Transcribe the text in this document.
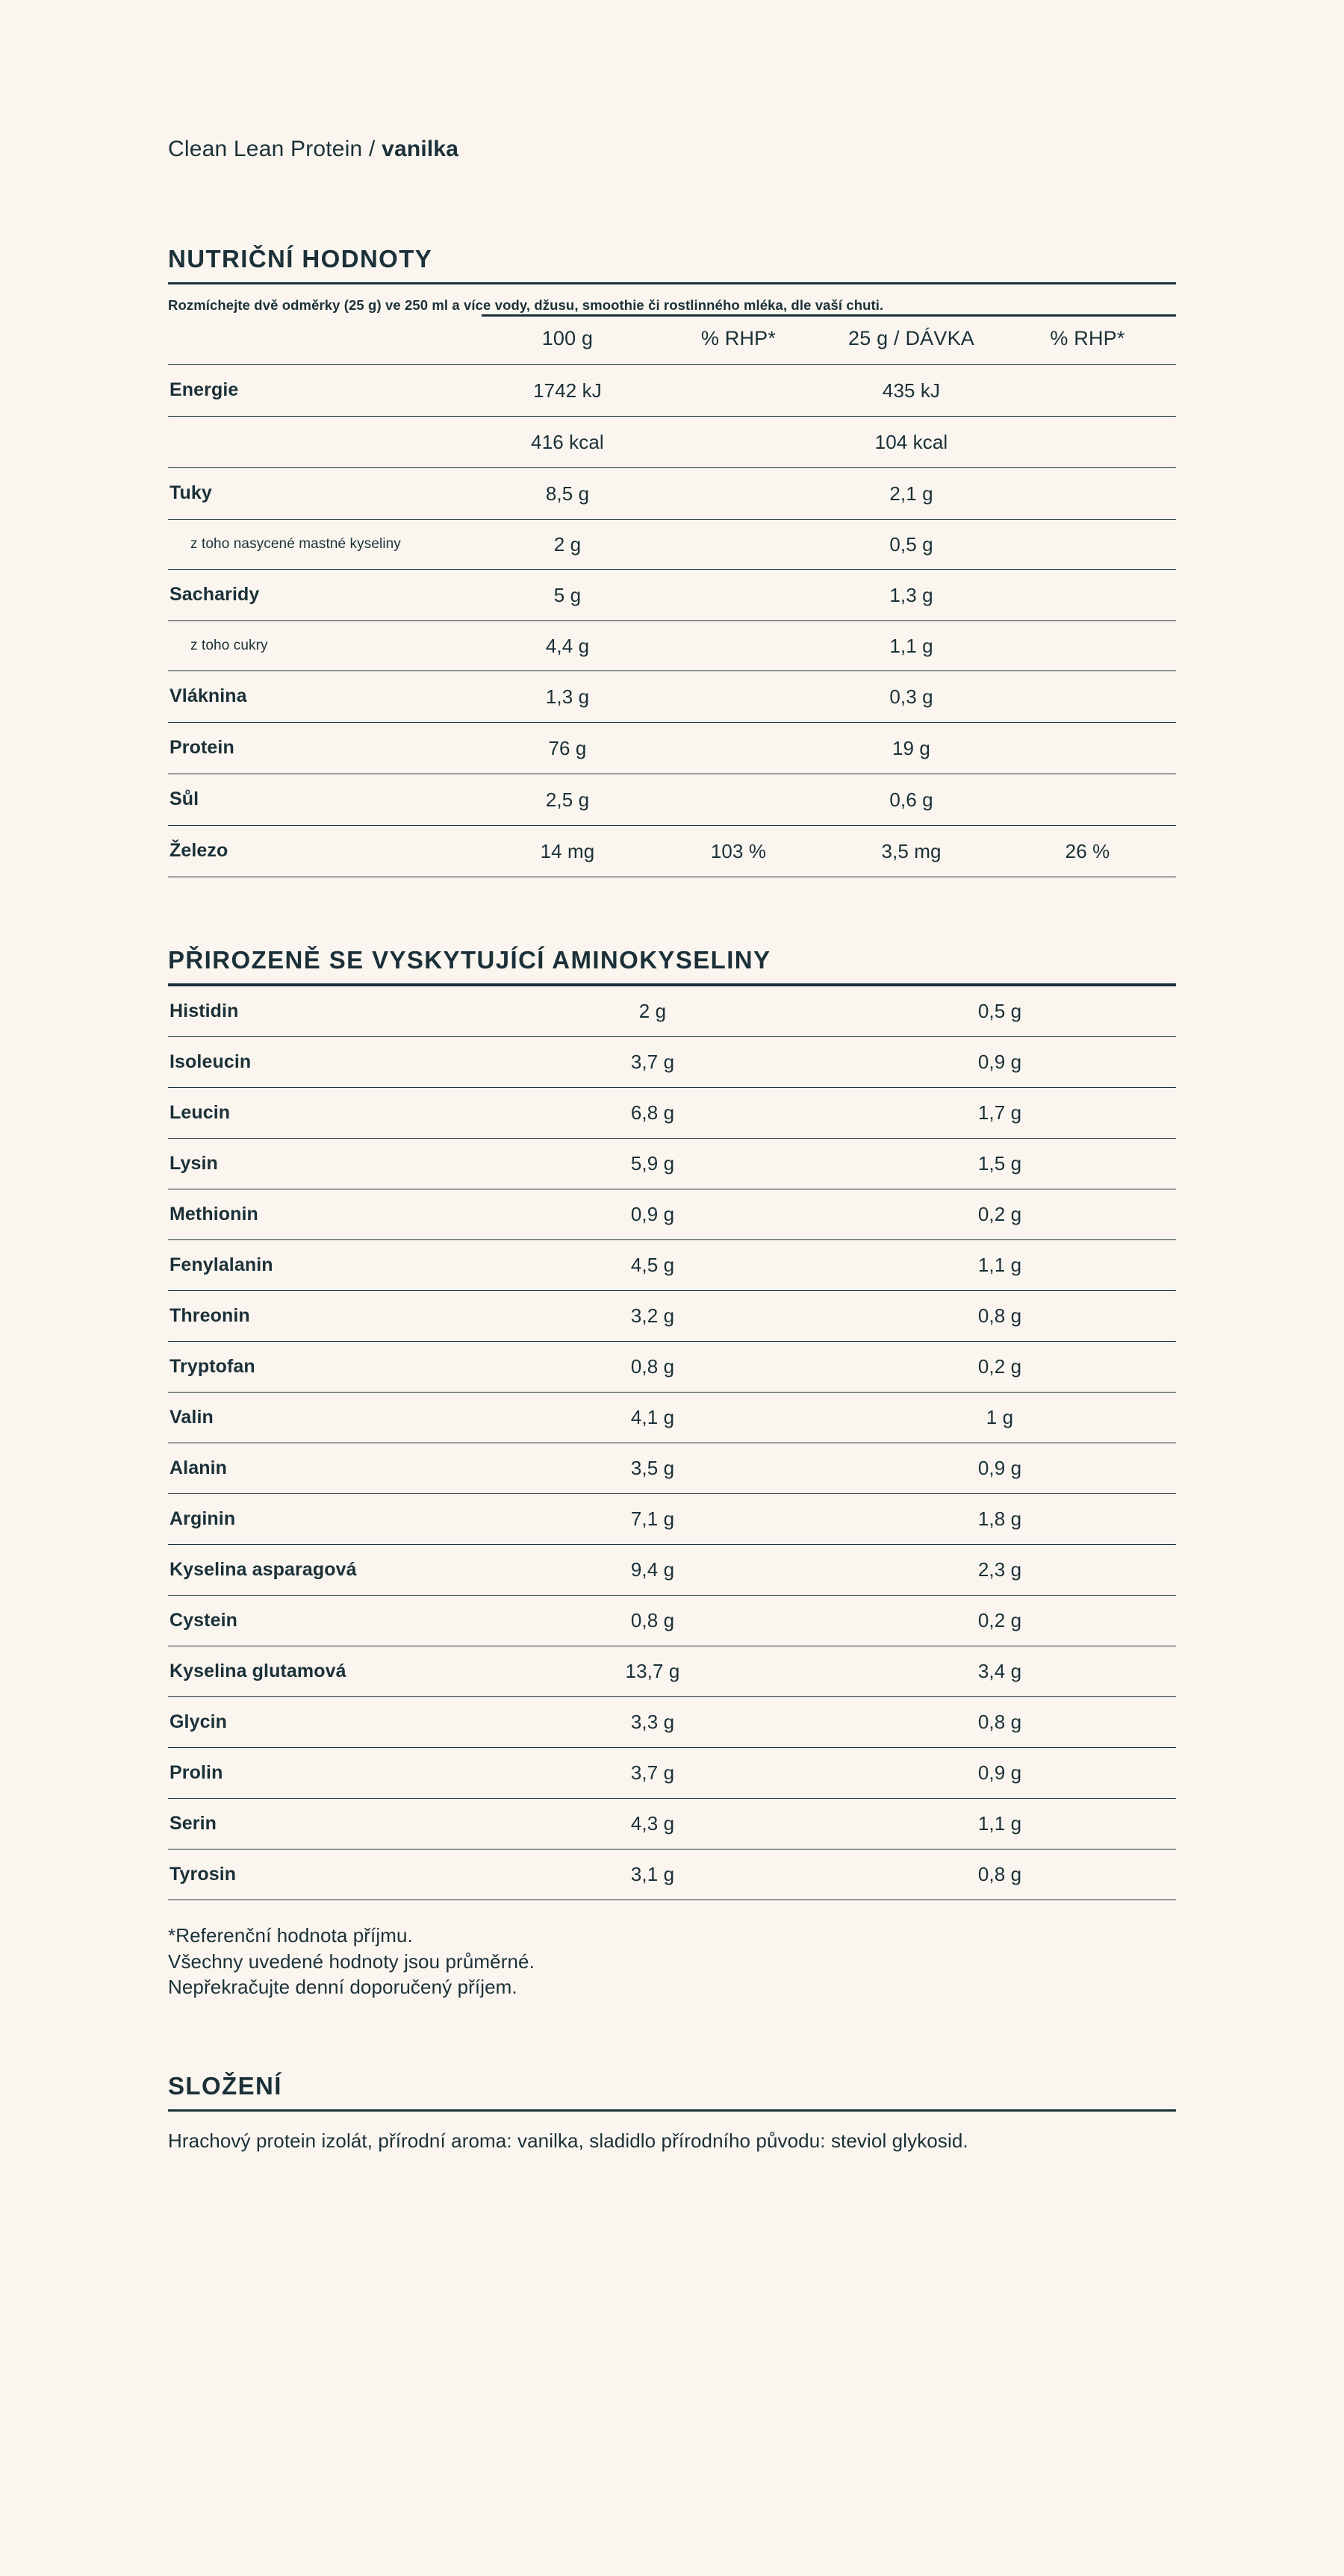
Clean Lean Protein / vanilka
NUTRIČNÍ HODNOTY
Rozmíchejte dvě odměrky (25 g) ve 250 ml a více vody, džusu, smoothie či rostlinného mléka, dle vaší chuti.

	100 g	% RHP*	25 g / DÁVKA	% RHP*
Energie	1742 kJ		435 kJ	
	416 kcal		104 kcal	
Tuky	8,5 g		2,1 g	
z toho nasycené mastné kyseliny	2 g		0,5 g	
Sacharidy	5 g		1,3 g	
z toho cukry	4,4 g		1,1 g	
Vláknina	1,3 g		0,3 g	
Protein	76 g		19 g	
Sůl	2,5 g		0,6 g	
Železo	14 mg	103 %	3,5 mg	26 %

PŘIROZENĚ SE VYSKYTUJÍCÍ AMINOKYSELINY
Histidin	2 g	0,5 g
Isoleucin	3,7 g	0,9 g
Leucin	6,8 g	1,7 g
Lysin	5,9 g	1,5 g
Methionin	0,9 g	0,2 g
Fenylalanin	4,5 g	1,1 g
Threonin	3,2 g	0,8 g
Tryptofan	0,8 g	0,2 g
Valin	4,1 g	1 g
Alanin	3,5 g	0,9 g
Arginin	7,1 g	1,8 g
Kyselina asparagová	9,4 g	2,3 g
Cystein	0,8 g	0,2 g
Kyselina glutamová	13,7 g	3,4 g
Glycin	3,3 g	0,8 g
Prolin	3,7 g	0,9 g
Serin	4,3 g	1,1 g
Tyrosin	3,1 g	0,8 g

*Referenční hodnota příjmu.
Všechny uvedené hodnoty jsou průměrné.
Nepřekračujte denní doporučený příjem.
SLOŽENÍ
Hrachový protein izolát, přírodní aroma: vanilka, sladidlo přírodního původu: steviol glykosid.
